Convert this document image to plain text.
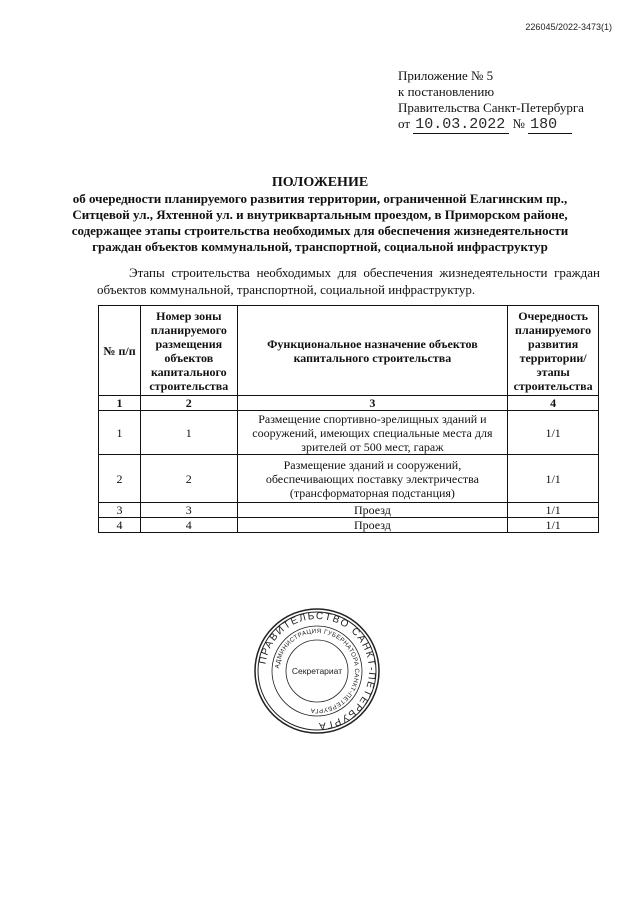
226045/2022-3473(1)
Приложение № 5
к постановлению
Правительства Санкт-Петербурга
от 10.03.2022 № 180
ПОЛОЖЕНИЕ
об очередности планируемого развития территории, ограниченной Елагинским пр., Ситцевой ул., Яхтенной ул. и внутриквартальным проездом, в Приморском районе, содержащее этапы строительства необходимых для обеспечения жизнедеятельности граждан объектов коммунальной, транспортной, социальной инфраструктур
Этапы строительства необходимых для обеспечения жизнедеятельности граждан объектов коммунальной, транспортной, социальной инфраструктур.
№ п/п	Номер зоны планируемого размещения объектов капитального строительства	Функциональное назначение объектов капитального строительства	Очередность планируемого развития территории/ этапы строительства
1	2	3	4
1	1	Размещение спортивно-зрелищных зданий и сооружений, имеющих специальные места для зрителей от 500 мест, гараж	1/1
2	2	Размещение зданий и сооружений, обеспечивающих поставку электричества (трансформаторная подстанция)	1/1
3	3	Проезд	1/1
4	4	Проезд	1/1
ПРАВИТЕЛЬСТВО САНКТ-ПЕТЕРБУРГА
АДМИНИСТРАЦИЯ ГУБЕРНАТОРА САНКТ-ПЕТЕРБУРГА
Секретариат
